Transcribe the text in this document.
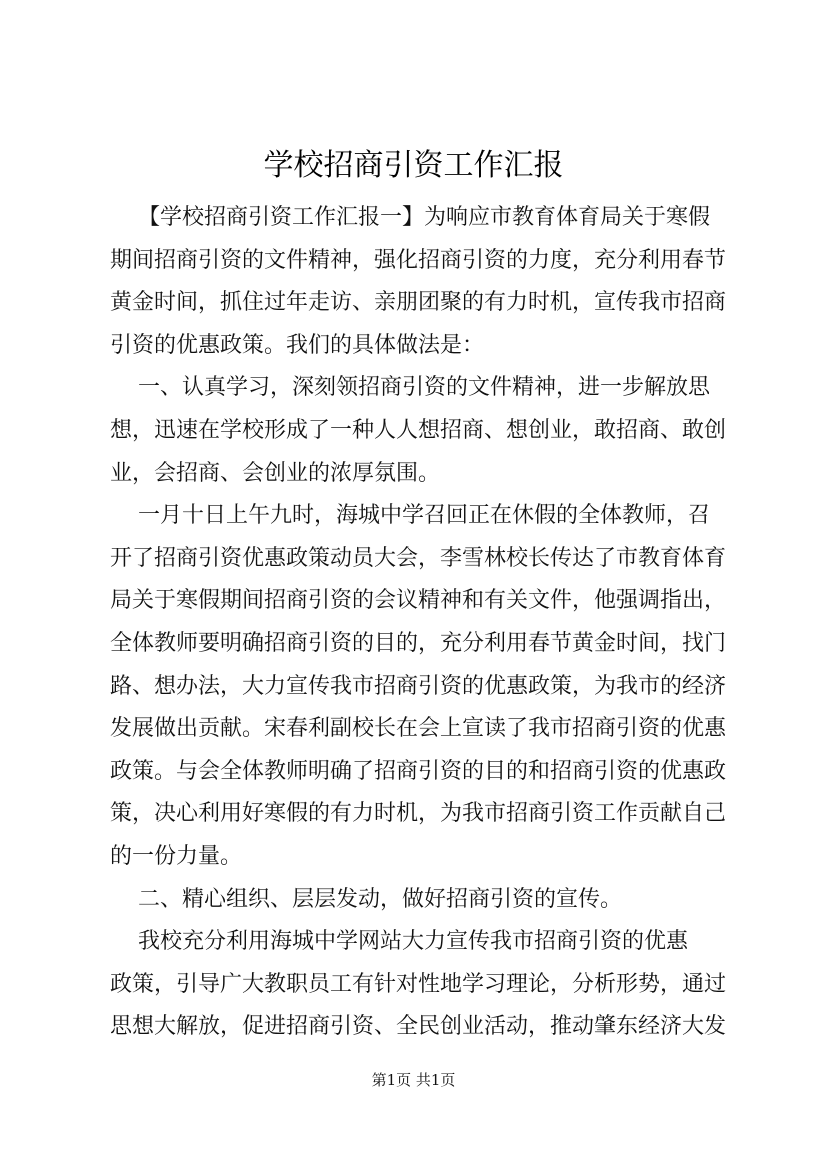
学校招商引资工作汇报
【学校招商引资工作汇报一】为响应市教育体育局关于寒假
期间招商引资的文件精神，强化招商引资的力度，充分利用春节
黄金时间，抓住过年走访、亲朋团聚的有力时机，宣传我市招商
引资的优惠政策。我们的具体做法是：
一、认真学习，深刻领招商引资的文件精神，进一步解放思
想，迅速在学校形成了一种人人想招商、想创业，敢招商、敢创
业，会招商、会创业的浓厚氛围。
一月十日上午九时，海城中学召回正在休假的全体教师，召
开了招商引资优惠政策动员大会，李雪林校长传达了市教育体育
局关于寒假期间招商引资的会议精神和有关文件，他强调指出，
全体教师要明确招商引资的目的，充分利用春节黄金时间，找门
路、想办法，大力宣传我市招商引资的优惠政策，为我市的经济
发展做出贡献。宋春利副校长在会上宣读了我市招商引资的优惠
政策。与会全体教师明确了招商引资的目的和招商引资的优惠政
策，决心利用好寒假的有力时机，为我市招商引资工作贡献自己
的一份力量。
二、精心组织、层层发动，做好招商引资的宣传。
我校充分利用海城中学网站大力宣传我市招商引资的优惠
政策，引导广大教职员工有针对性地学习理论，分析形势，通过
思想大解放，促进招商引资、全民创业活动，推动肇东经济大发
第1页 共1页
